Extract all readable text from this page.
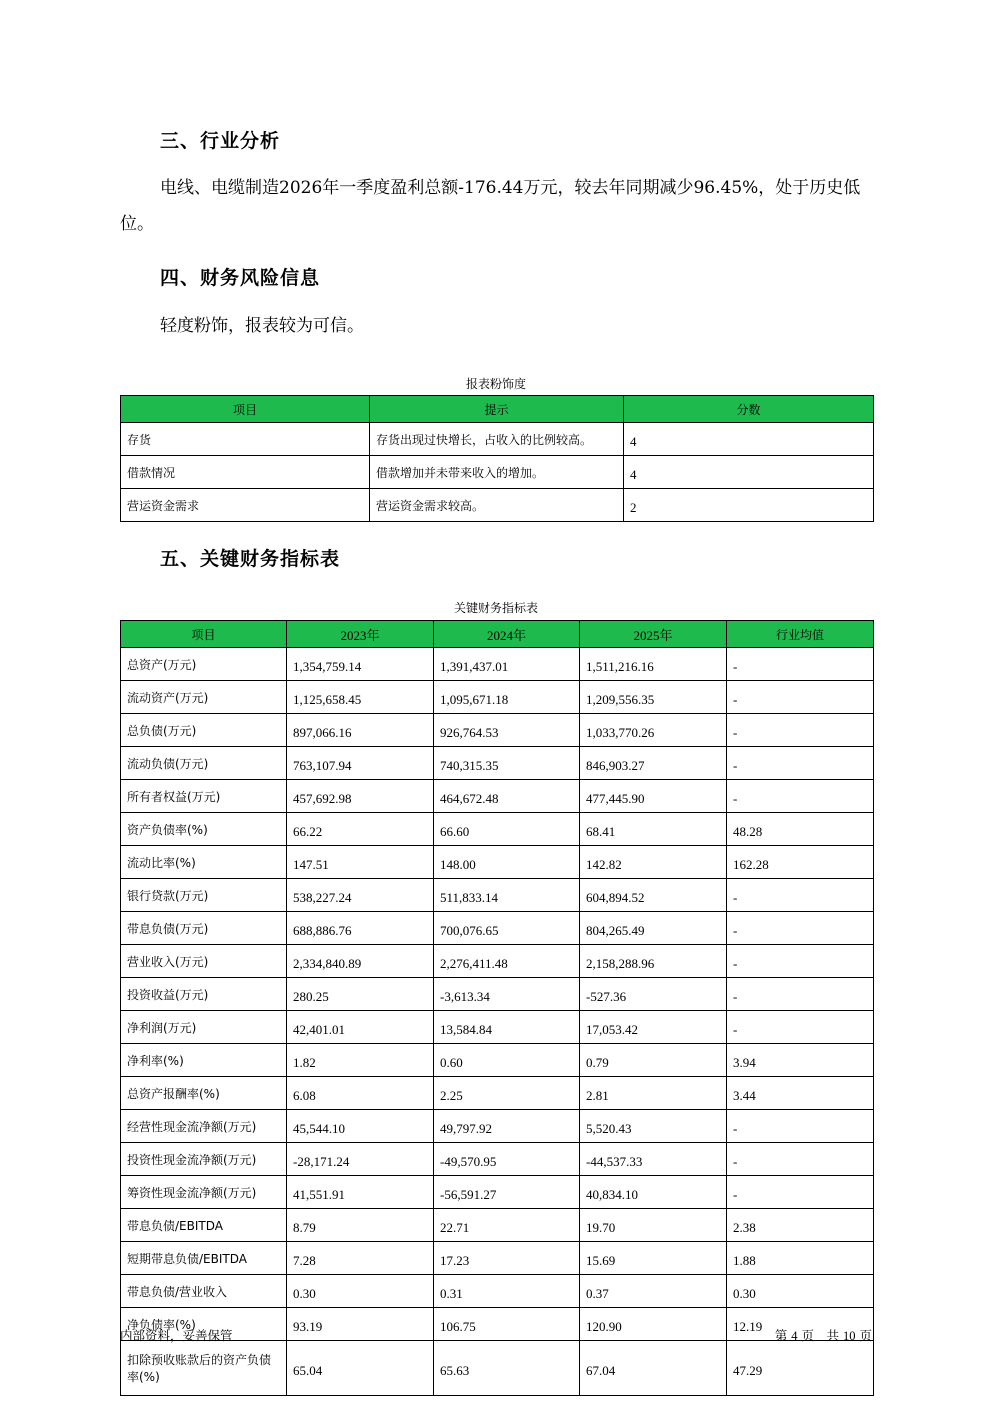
三、行业分析
电线、电缆制造2026年一季度盈利总额-176.44万元，较去年同期减少96.45%，处于历史低
位。
四、财务风险信息
轻度粉饰，报表较为可信。
报表粉饰度
项目	提示	分数
存货	存货出现过快增长，占收入的比例较高。	4
借款情况	借款增加并未带来收入的增加。	4
营运资金需求	营运资金需求较高。	2
五、关键财务指标表
关键财务指标表
项目	2023年	2024年	2025年	行业均值
总资产(万元)	1,354,759.14	1,391,437.01	1,511,216.16	-
流动资产(万元)	1,125,658.45	1,095,671.18	1,209,556.35	-
总负债(万元)	897,066.16	926,764.53	1,033,770.26	-
流动负债(万元)	763,107.94	740,315.35	846,903.27	-
所有者权益(万元)	457,692.98	464,672.48	477,445.90	-
资产负债率(%)	66.22	66.60	68.41	48.28
流动比率(%)	147.51	148.00	142.82	162.28
银行贷款(万元)	538,227.24	511,833.14	604,894.52	-
带息负债(万元)	688,886.76	700,076.65	804,265.49	-
营业收入(万元)	2,334,840.89	2,276,411.48	2,158,288.96	-
投资收益(万元)	280.25	-3,613.34	-527.36	-
净利润(万元)	42,401.01	13,584.84	17,053.42	-
净利率(%)	1.82	0.60	0.79	3.94
总资产报酬率(%)	6.08	2.25	2.81	3.44
经营性现金流净额(万元)	45,544.10	49,797.92	5,520.43	-
投资性现金流净额(万元)	-28,171.24	-49,570.95	-44,537.33	-
筹资性现金流净额(万元)	41,551.91	-56,591.27	40,834.10	-
带息负债/EBITDA	8.79	22.71	19.70	2.38
短期带息负债/EBITDA	7.28	17.23	15.69	1.88
带息负债/营业收入	0.30	0.31	0.37	0.30
净负债率(%)	93.19	106.75	120.90	12.19
扣除预收账款后的资产负债率(%)	65.04	65.63	67.04	47.29
内部资料，妥善保管	第 4 页　共 10 页
